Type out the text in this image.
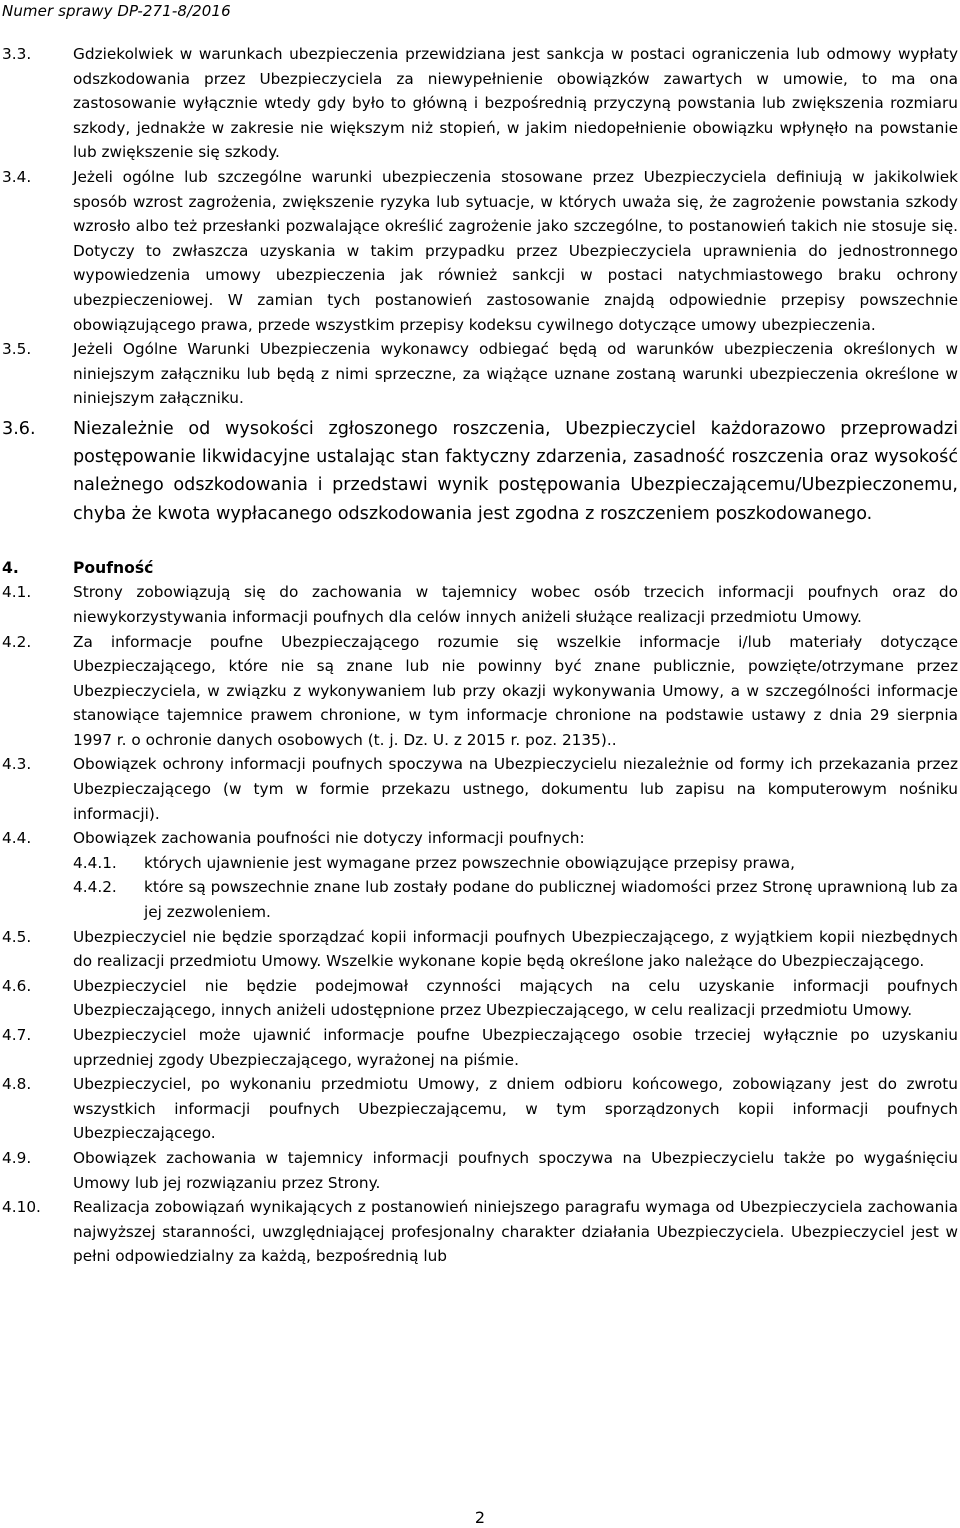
Numer sprawy DP-271-8/2016
3.3.	Gdziekolwiek w warunkach ubezpieczenia przewidziana jest sankcja w postaci ograniczenia lub odmowy wypłaty odszkodowania przez Ubezpieczyciela za niewypełnienie obowiązków zawartych w umowie, to ma ona zastosowanie wyłącznie wtedy gdy było to główną i bezpośrednią przyczyną powstania lub zwiększenia rozmiaru szkody, jednakże w zakresie nie większym niż stopień, w jakim niedopełnienie obowiązku wpłynęło na powstanie lub zwiększenie się szkody.
3.4.	Jeżeli ogólne lub szczególne warunki ubezpieczenia stosowane przez Ubezpieczyciela definiują w jakikolwiek sposób wzrost zagrożenia, zwiększenie ryzyka lub sytuacje, w których uważa się, że zagrożenie powstania szkody wzrosło albo też przesłanki pozwalające określić zagrożenie jako szczególne, to postanowień takich nie stosuje się. Dotyczy to zwłaszcza uzyskania w takim przypadku przez Ubezpieczyciela uprawnienia do jednostronnego wypowiedzenia umowy ubezpieczenia jak również sankcji w postaci natychmiastowego braku ochrony ubezpieczeniowej. W zamian tych postanowień zastosowanie znajdą odpowiednie przepisy powszechnie obowiązującego prawa, przede wszystkim przepisy kodeksu cywilnego dotyczące umowy ubezpieczenia.
3.5.	Jeżeli Ogólne Warunki Ubezpieczenia wykonawcy odbiegać będą od warunków ubezpieczenia określonych w niniejszym załączniku lub będą z nimi sprzeczne, za wiążące uznane zostaną warunki ubezpieczenia określone w niniejszym załączniku.
3.6. Niezależnie od wysokości zgłoszonego roszczenia, Ubezpieczyciel każdorazowo przeprowadzi postępowanie likwidacyjne ustalając stan faktyczny zdarzenia, zasadność roszczenia oraz wysokość należnego odszkodowania i przedstawi wynik postępowania Ubezpieczającemu/Ubezpieczonemu, chyba że kwota wypłacanego odszkodowania jest zgodna z roszczeniem poszkodowanego.
4.	Poufność
4.1.	Strony zobowiązują się do zachowania w tajemnicy wobec osób trzecich informacji poufnych oraz do niewykorzystywania informacji poufnych dla celów innych aniżeli służące realizacji przedmiotu Umowy.
4.2.	Za informacje poufne Ubezpieczającego rozumie się wszelkie informacje i/lub materiały dotyczące Ubezpieczającego, które nie są znane lub nie powinny być znane publicznie, powzięte/otrzymane przez Ubezpieczyciela, w związku z wykonywaniem lub przy okazji wykonywania Umowy, a w szczególności informacje stanowiące tajemnice prawem chronione, w tym informacje chronione na podstawie ustawy z dnia 29 sierpnia 1997 r. o ochronie danych osobowych (t. j. Dz. U. z 2015 r. poz. 2135)..
4.3.	Obowiązek ochrony informacji poufnych spoczywa na Ubezpieczycielu niezależnie od formy ich przekazania przez Ubezpieczającego (w tym w formie przekazu ustnego, dokumentu lub zapisu na komputerowym nośniku informacji).
4.4.	Obowiązek zachowania poufności nie dotyczy informacji poufnych:
4.4.1. których ujawnienie jest wymagane przez powszechnie obowiązujące przepisy prawa,
4.4.2. które są powszechnie znane lub zostały podane do publicznej wiadomości przez Stronę uprawnioną lub za jej zezwoleniem.
4.5.	Ubezpieczyciel nie będzie sporządzać kopii informacji poufnych Ubezpieczającego, z wyjątkiem kopii niezbędnych do realizacji przedmiotu Umowy. Wszelkie wykonane kopie będą określone jako należące do Ubezpieczającego.
4.6.	Ubezpieczyciel nie będzie podejmował czynności mających na celu uzyskanie informacji poufnych Ubezpieczającego, innych aniżeli udostępnione przez Ubezpieczającego, w celu realizacji przedmiotu Umowy.
4.7.	Ubezpieczyciel może ujawnić informacje poufne Ubezpieczającego osobie trzeciej wyłącznie po uzyskaniu uprzedniej zgody Ubezpieczającego, wyrażonej na piśmie.
4.8.	Ubezpieczyciel, po wykonaniu przedmiotu Umowy, z dniem odbioru końcowego, zobowiązany jest do zwrotu wszystkich informacji poufnych Ubezpieczającemu, w tym sporządzonych kopii informacji poufnych Ubezpieczającego.
4.9.	Obowiązek zachowania w tajemnicy informacji poufnych spoczywa na Ubezpieczycielu także po wygaśnięciu Umowy lub jej rozwiązaniu przez Strony.
4.10. Realizacja zobowiązań wynikających z postanowień niniejszego paragrafu wymaga od Ubezpieczyciela zachowania najwyższej staranności, uwzględniającej profesjonalny charakter działania Ubezpieczyciela. Ubezpieczyciel jest w pełni odpowiedzialny za każdą, bezpośrednią lub
2
